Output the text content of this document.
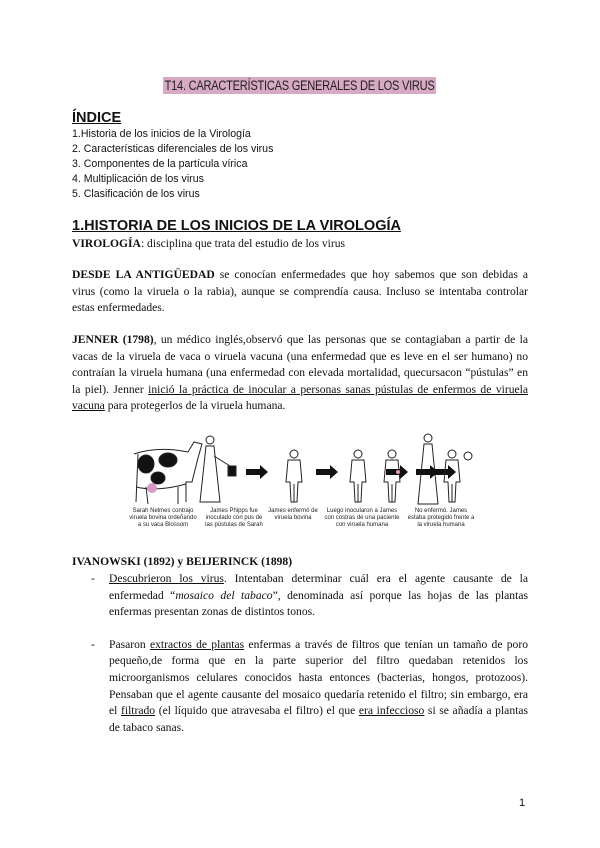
T14. CARACTERÍSTICAS GENERALES DE LOS VIRUS
ÍNDICE
1.Historia de los inicios de la Virología
2. Características diferenciales de los virus
3. Componentes de la partícula vírica
4. Multiplicación de los virus
5. Clasificación de los virus
1.HISTORIA DE LOS INICIOS DE LA VIROLOGÍA
VIROLOGÍA: disciplina que trata del estudio de los virus
DESDE LA ANTIGÜEDAD se conocían enfermedades que hoy sabemos que son debidas a virus (como la viruela o la rabia), aunque se comprendía causa. Incluso se intentaba controlar estas enfermedades.
JENNER (1798), un médico inglés,observó que las personas que se contagiaban a partir de la vacas de la viruela de vaca o viruela vacuna (una enfermedad que es leve en el ser humano) no contraían la viruela humana (una enfermedad con elevada mortalidad, quecursacon “pústulas” en la piel). Jenner inició la práctica de inocular a personas sanas pústulas de enfermos de viruela vacuna para protegerlos de la viruela humana.
Sarah Nelmes contrajo viruela bovina ordeñando a su vaca Blossom
James Phipps fue inoculado con pus de las pústulas de Sarah
James enfermó de viruela bovina
Luego inocularon a James con costras de una paciente con viruela humana
No enfermó. James estaba protegido frente a la viruela humana
IVANOWSKI (1892) y BEIJERINCK (1898)
- Descubrieron los virus. Intentaban determinar cuál era el agente causante de la enfermedad “mosaico del tabaco”, denominada así porque las hojas de las plantas enfermas presentan zonas de distintos tonos.
- Pasaron extractos de plantas enfermas a través de filtros que tenían un tamaño de poro pequeño,de forma que en la parte superior del filtro quedaban retenidos los microorganismos celulares conocidos hasta entonces (bacterias, hongos, protozoos). Pensaban que el agente causante del mosaico quedaría retenido el filtro; sin embargo, era el filtrado (el líquido que atravesaba el filtro) el que era infeccioso si se añadía a plantas de tabaco sanas.
1
